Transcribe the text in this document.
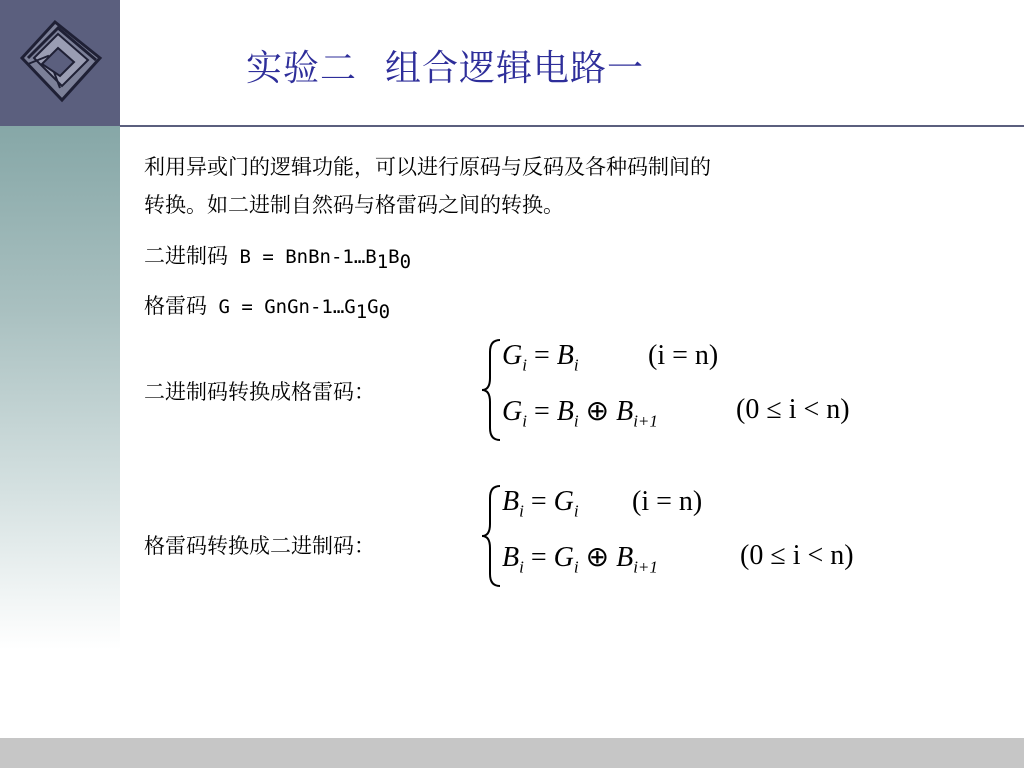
实验二 组合逻辑电路一
利用异或门的逻辑功能，可以进行原码与反码及各种码制间的
转换。如二进制自然码与格雷码之间的转换。
二进制码 B = BnBn-$1\dots B_1B_0$
格雷码 G = GnGn-$1\dots G_1G_0$
二进制码转换成格雷码：
格雷码转换成二进制码：
$G_i = B_i$ (i = n)
$G_i = B_i$ ⊕ $B_{i+1}$	(0 ≤ i < n)
$B_i = G_i$ (i = n)
$B_i = G_i$ ⊕ $B_{i+1}$	(0 ≤ i < n)
